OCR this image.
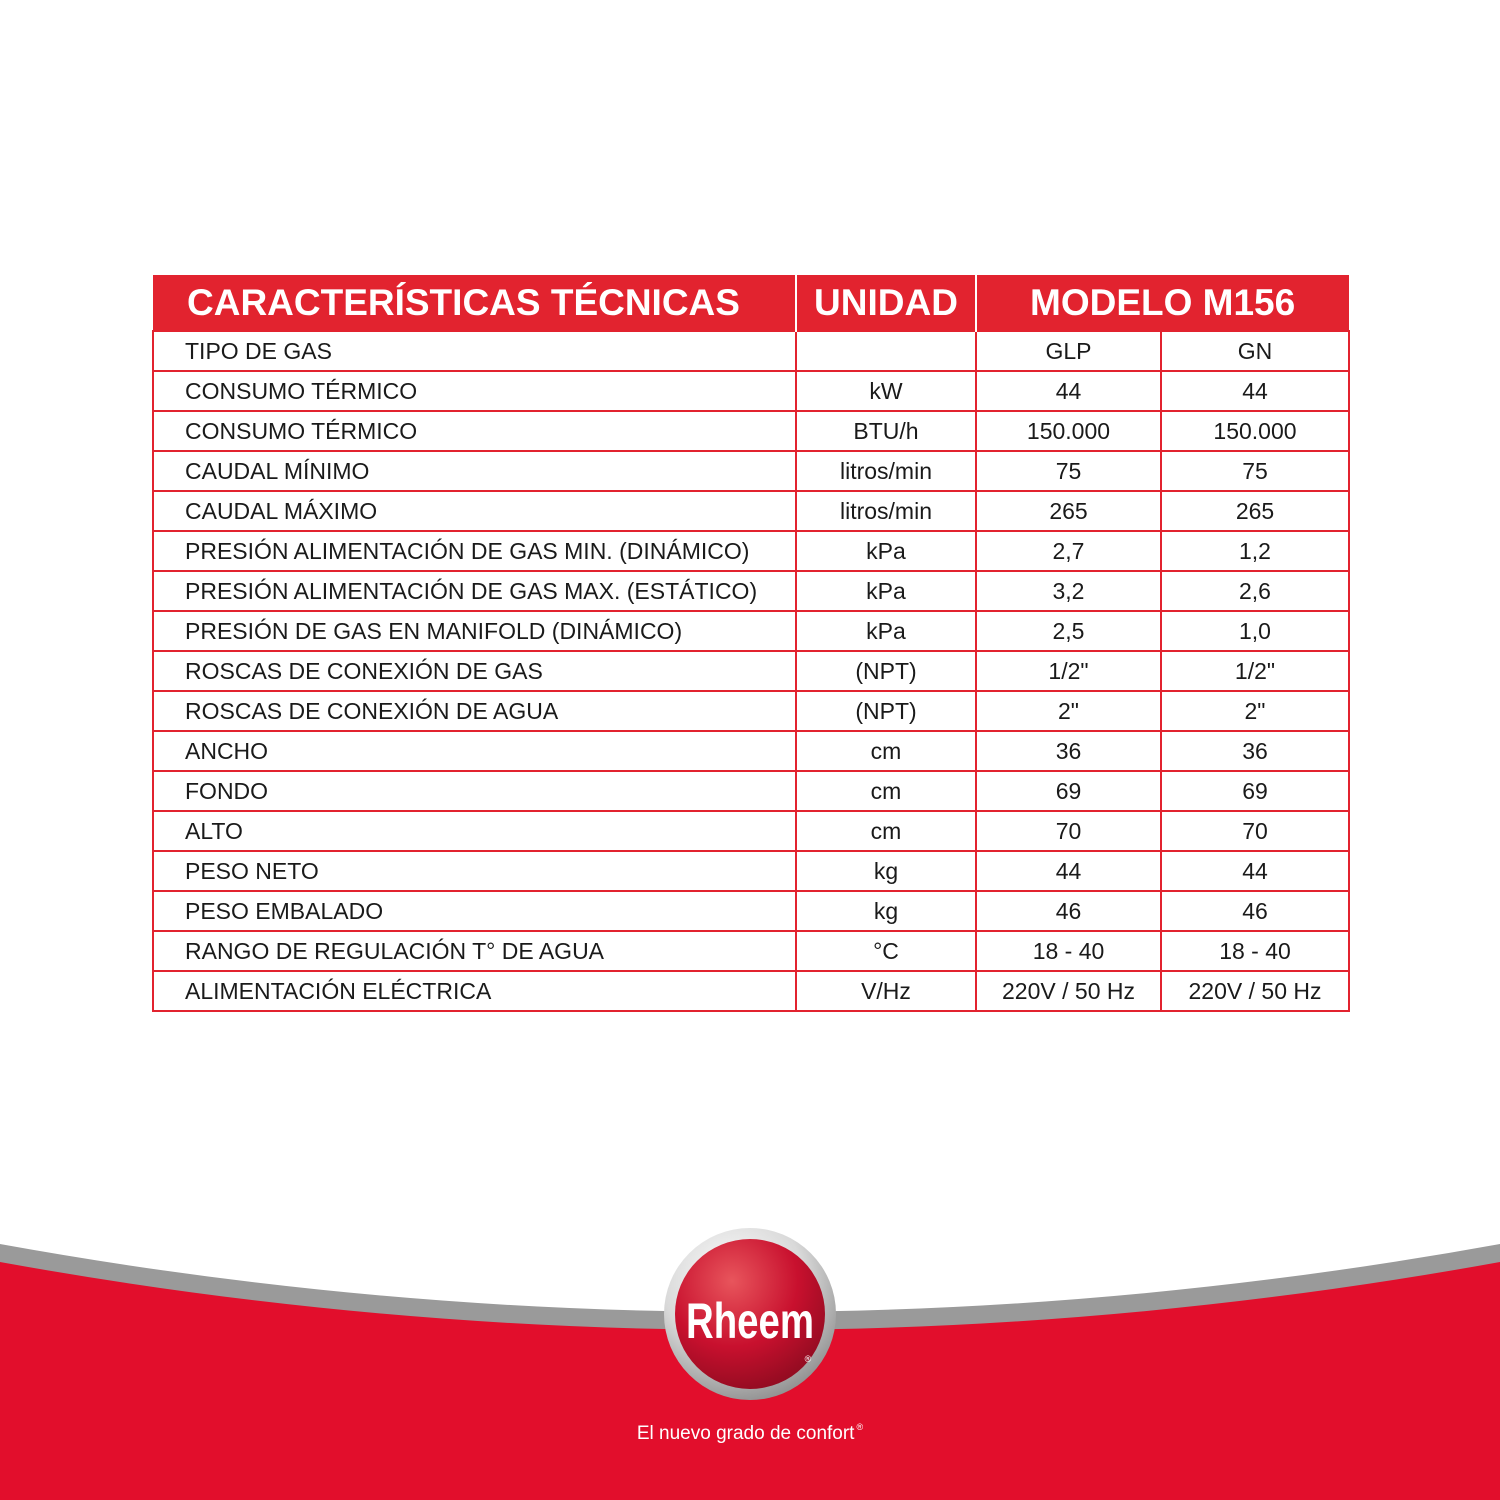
CARACTERÍSTICAS TÉCNICAS	UNIDAD	MODELO M156	
TIPO DE GAS		GLP	GN
CONSUMO TÉRMICO	kW	44	44
CONSUMO TÉRMICO	BTU/h	150.000	150.000
CAUDAL MÍNIMO	litros/min	75	75
CAUDAL MÁXIMO	litros/min	265	265
PRESIÓN ALIMENTACIÓN DE GAS MIN. (DINÁMICO)	kPa	2,7	1,2
PRESIÓN ALIMENTACIÓN DE GAS MAX. (ESTÁTICO)	kPa	3,2	2,6
PRESIÓN DE GAS EN MANIFOLD (DINÁMICO)	kPa	2,5	1,0
ROSCAS DE CONEXIÓN DE GAS	(NPT)	1/2"	1/2"
ROSCAS DE CONEXIÓN DE AGUA	(NPT)	2"	2"
ANCHO	cm	36	36
FONDO	cm	69	69
ALTO	cm	70	70
PESO NETO	kg	44	44
PESO EMBALADO	kg	46	46
RANGO DE REGULACIÓN T° DE AGUA	°C	18 - 40	18 - 40
ALIMENTACIÓN ELÉCTRICA	V/Hz	220V / 50 Hz	220V / 50 Hz
Rheem
®
El nuevo grado de confort ®
